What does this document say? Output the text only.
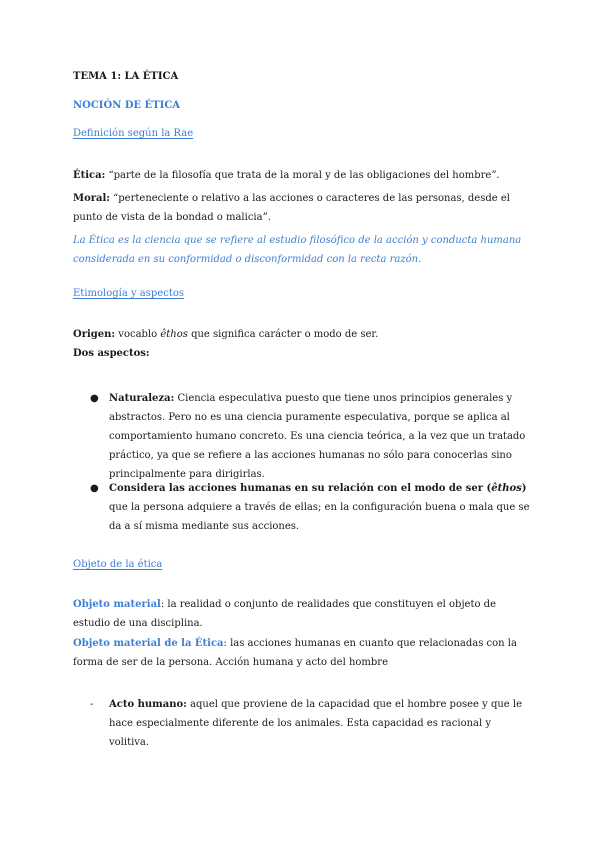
TEMA 1: LA ÉTICA

NOCIÓN DE ÉTICA

Definición según la Rae

Ética: “parte de la filosofía que trata de la moral y de las obligaciones del hombre”.

Moral: “perteneciente o relativo a las acciones o caracteres de las personas, desde el punto de vista de la bondad o malicia”.

La Ética es la ciencia que se refiere al estudio filosófico de la acción y conducta humana considerada en su conformidad o disconformidad con la recta razón.

Etimología y aspectos

Origen: vocablo êthos que significa carácter o modo de ser.

Dos aspectos:

●	Naturaleza: Ciencia especulativa puesto que tiene unos principios generales y abstractos. Pero no es una ciencia puramente especulativa, porque se aplica al comportamiento humano concreto. Es una ciencia teórica, a la vez que un tratado práctico, ya que se refiere a las acciones humanas no sólo para conocerlas sino principalmente para dirigirlas.
●	Considera las acciones humanas en su relación con el modo de ser (êthos) que la persona adquiere a través de ellas; en la configuración buena o mala que se da a sí misma mediante sus acciones.

Objeto de la ética

Objeto material: la realidad o conjunto de realidades que constituyen el objeto de estudio de una disciplina.

Objeto material de la Ética: las acciones humanas en cuanto que relacionadas con la forma de ser de la persona. Acción humana y acto del hombre

-	Acto humano: aquel que proviene de la capacidad que el hombre posee y que le hace especialmente diferente de los animales. Esta capacidad es racional y volitiva.
